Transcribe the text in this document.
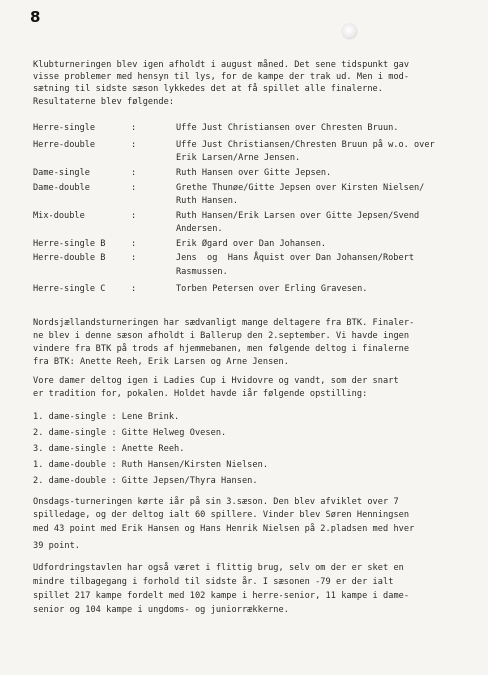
8
Klubturneringen blev igen afholdt i august måned. Det sene tidspunkt gav
visse problemer med hensyn til lys, for de kampe der trak ud. Men i mod-
sætning til sidste sæson lykkedes det at få spillet alle finalerne.
Resultaterne blev følgende:
Herre-single	:	Uffe Just Christiansen over Chresten Bruun.
Herre-double	:	Uffe Just Christiansen/Chresten Bruun på w.o. over
Erik Larsen/Arne Jensen.
Dame-single	:	Ruth Hansen over Gitte Jepsen.
Dame-double	:	Grethe Thunøe/Gitte Jepsen over Kirsten Nielsen/
Ruth Hansen.
Mix-double	:	Ruth Hansen/Erik Larsen over Gitte Jepsen/Svend
Andersen.
Herre-single B	:	Erik Øgard over Dan Johansen.
Herre-double B	:	Jens  og  Hans Åquist over Dan Johansen/Robert
Rasmussen.
Herre-single C	:	Torben Petersen over Erling Gravesen.
Nordsjællandsturneringen har sædvanligt mange deltagere fra BTK. Finaler-
ne blev i denne sæson afholdt i Ballerup den 2.september. Vi havde ingen
vindere fra BTK på trods af hjemmebanen, men følgende deltog i finalerne
fra BTK: Anette Reeh, Erik Larsen og Arne Jensen.
Vore damer deltog igen i Ladies Cup i Hvidovre og vandt, som der snart
er tradition for, pokalen. Holdet havde iår følgende opstilling:
1. dame-single : Lene Brink.
2. dame-single : Gitte Helweg Ovesen.
3. dame-single : Anette Reeh.
1. dame-double : Ruth Hansen/Kirsten Nielsen.
2. dame-double : Gitte Jepsen/Thyra Hansen.
Onsdags-turneringen kørte iår på sin 3.sæson. Den blev afviklet over 7
spilledage, og der deltog ialt 60 spillere. Vinder blev Søren Henningsen
med 43 point med Erik Hansen og Hans Henrik Nielsen på 2.pladsen med hver
39 point.
Udfordringstavlen har også været i flittig brug, selv om der er sket en
mindre tilbagegang i forhold til sidste år. I sæsonen -79 er der ialt
spillet 217 kampe fordelt med 102 kampe i herre-senior, 11 kampe i dame-
senior og 104 kampe i ungdoms- og juniorrækkerne.
